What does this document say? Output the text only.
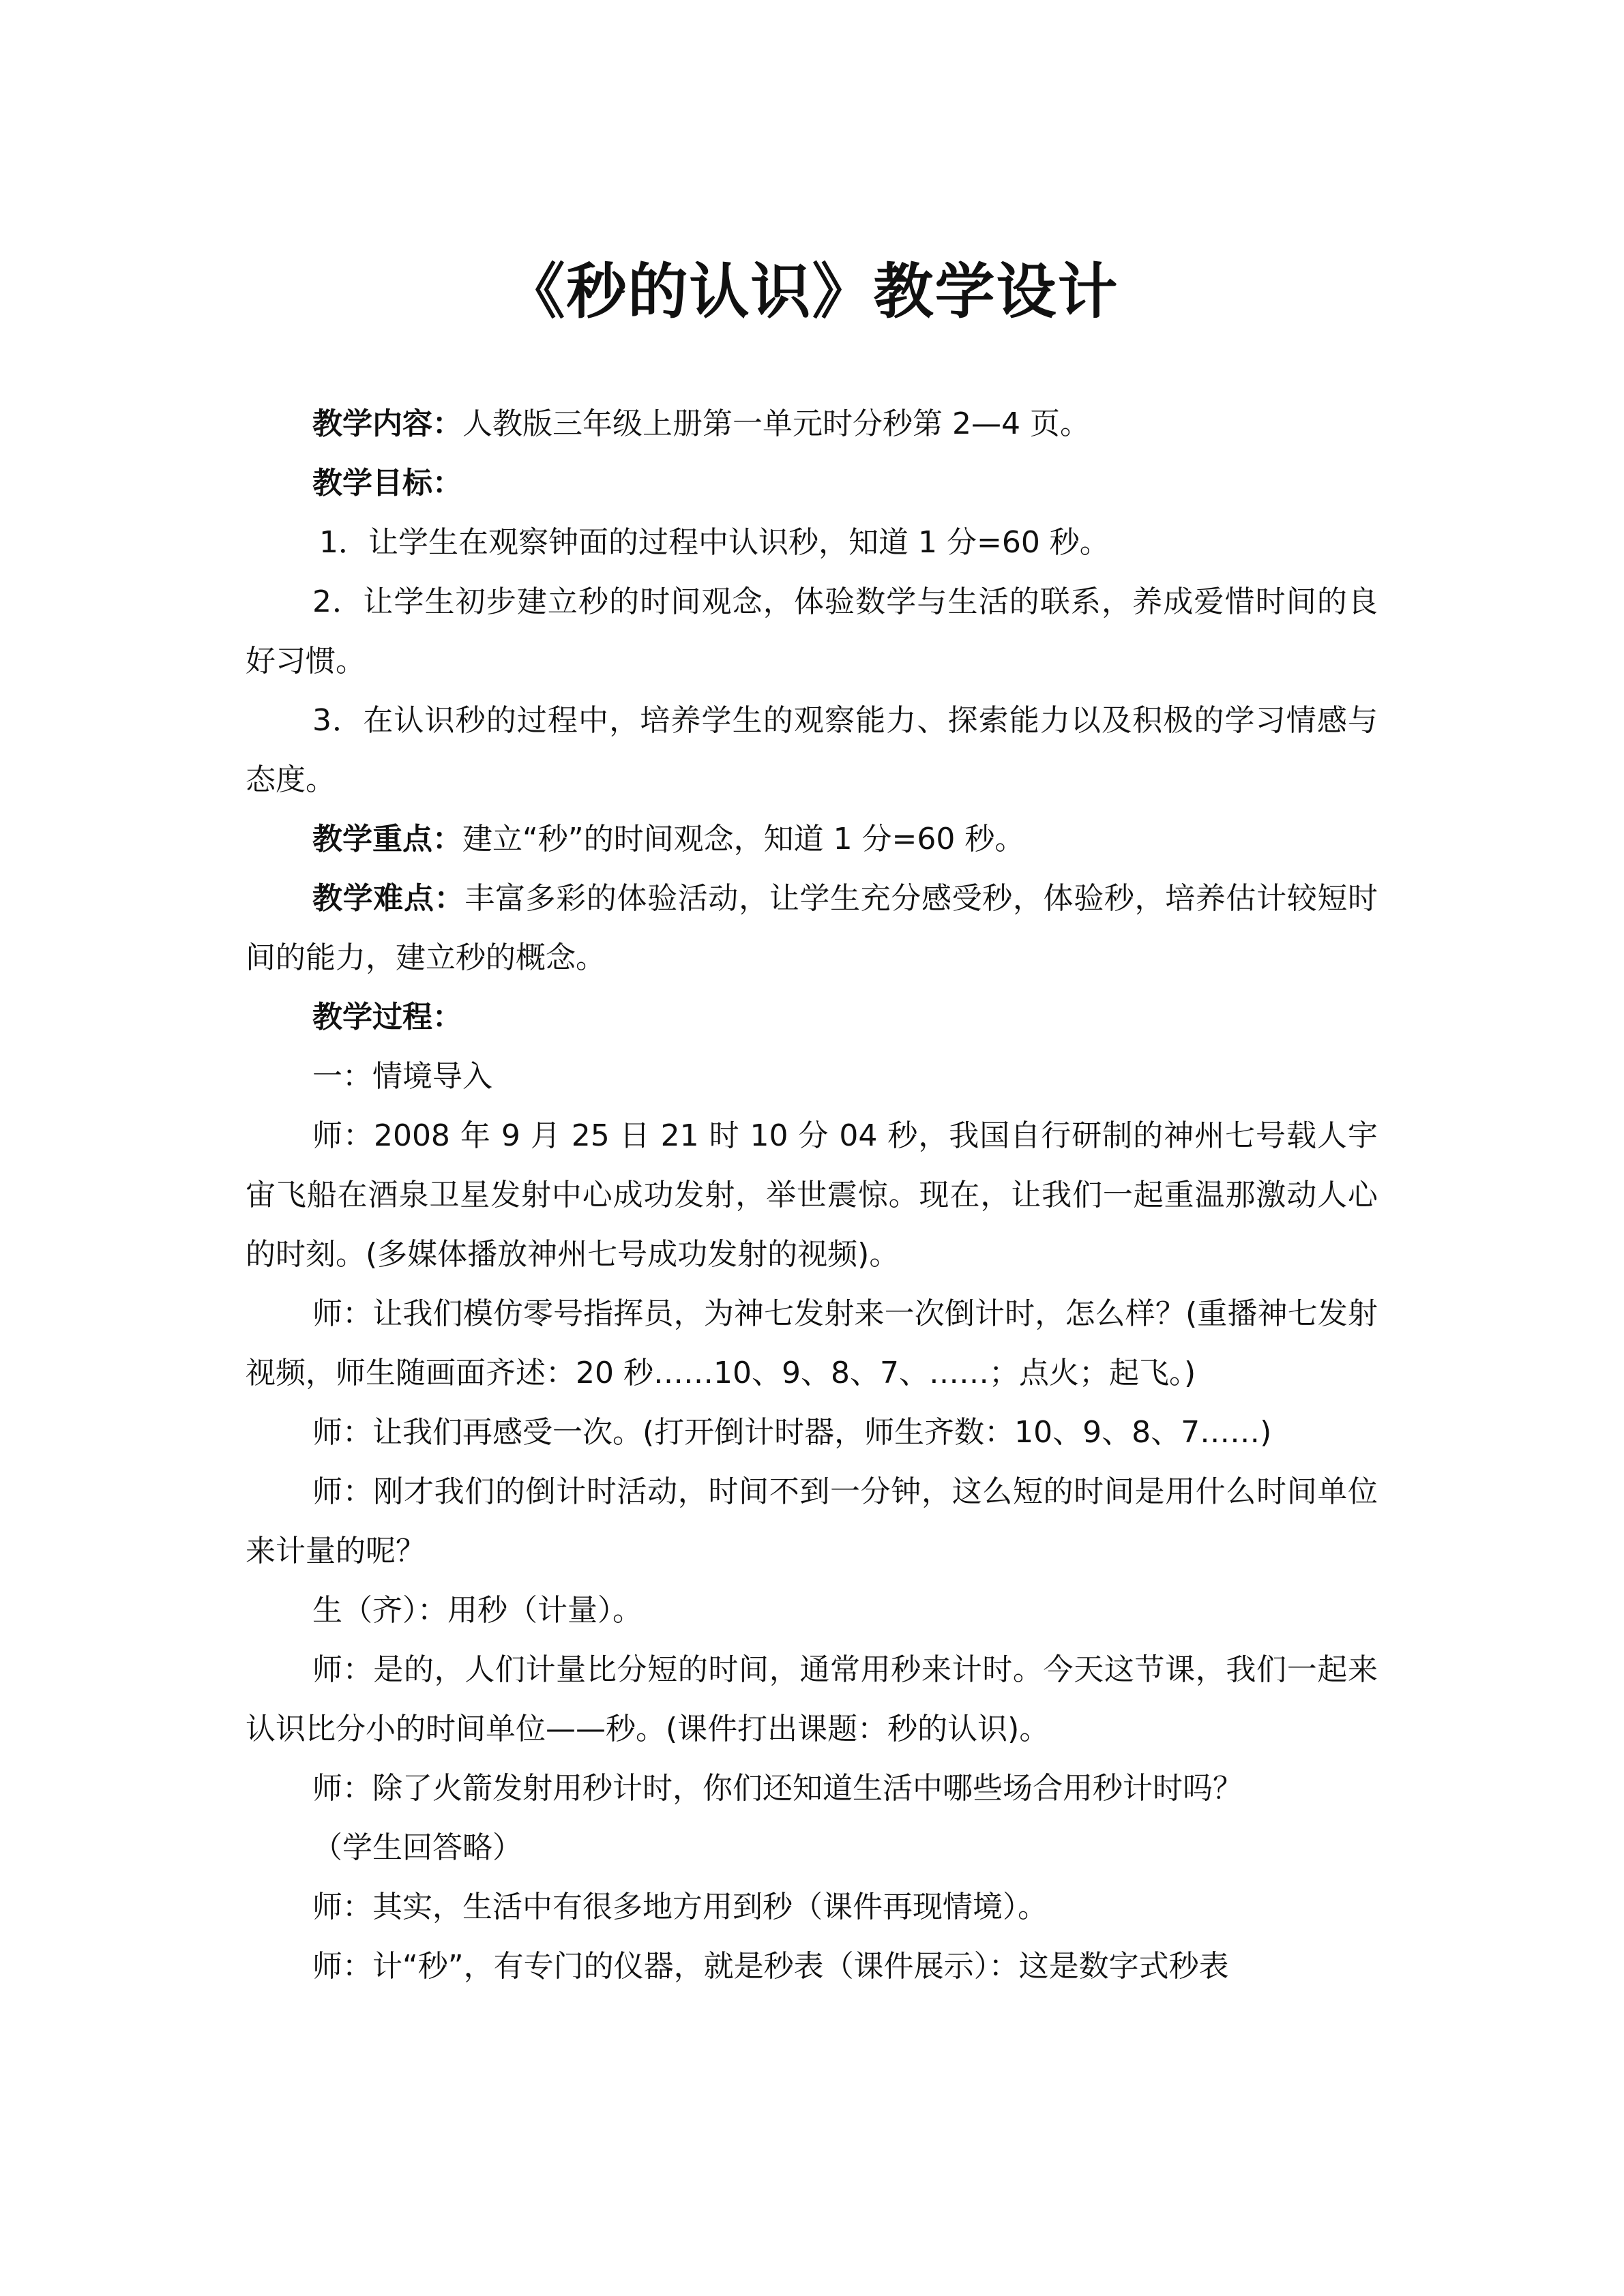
《秒的认识》教学设计

教学内容：人教版三年级上册第一单元时分秒第 2—4 页。

教学目标：

1．让学生在观察钟面的过程中认识秒，知道 1 分=60 秒。

2．让学生初步建立秒的时间观念，体验数学与生活的联系，养成爱惜时间的良好习惯。

3．在认识秒的过程中，培养学生的观察能力、探索能力以及积极的学习情感与态度。

教学重点：建立“秒”的时间观念，知道 1 分=60 秒。

教学难点：丰富多彩的体验活动，让学生充分感受秒，体验秒，培养估计较短时间的能力，建立秒的概念。

教学过程：

一：情境导入

师：2008 年 9 月 25 日 21 时 10 分 04 秒，我国自行研制的神州七号载人宇宙飞船在酒泉卫星发射中心成功发射，举世震惊。现在，让我们一起重温那激动人心的时刻。(多媒体播放神州七号成功发射的视频)。

师：让我们模仿零号指挥员，为神七发射来一次倒计时，怎么样？(重播神七发射视频，师生随画面齐述：20 秒……10、9、8、7、……；点火；起飞。)

师：让我们再感受一次。(打开倒计时器，师生齐数：10、9、8、7……)

师：刚才我们的倒计时活动，时间不到一分钟，这么短的时间是用什么时间单位来计量的呢？

生（齐）：用秒（计量）。

师：是的，人们计量比分短的时间，通常用秒来计时。今天这节课，我们一起来认识比分小的时间单位——秒。(课件打出课题：秒的认识)。

师：除了火箭发射用秒计时，你们还知道生活中哪些场合用秒计时吗？

（学生回答略）

师：其实，生活中有很多地方用到秒（课件再现情境）。

师：计“秒”，有专门的仪器，就是秒表（课件展示）：这是数字式秒表
